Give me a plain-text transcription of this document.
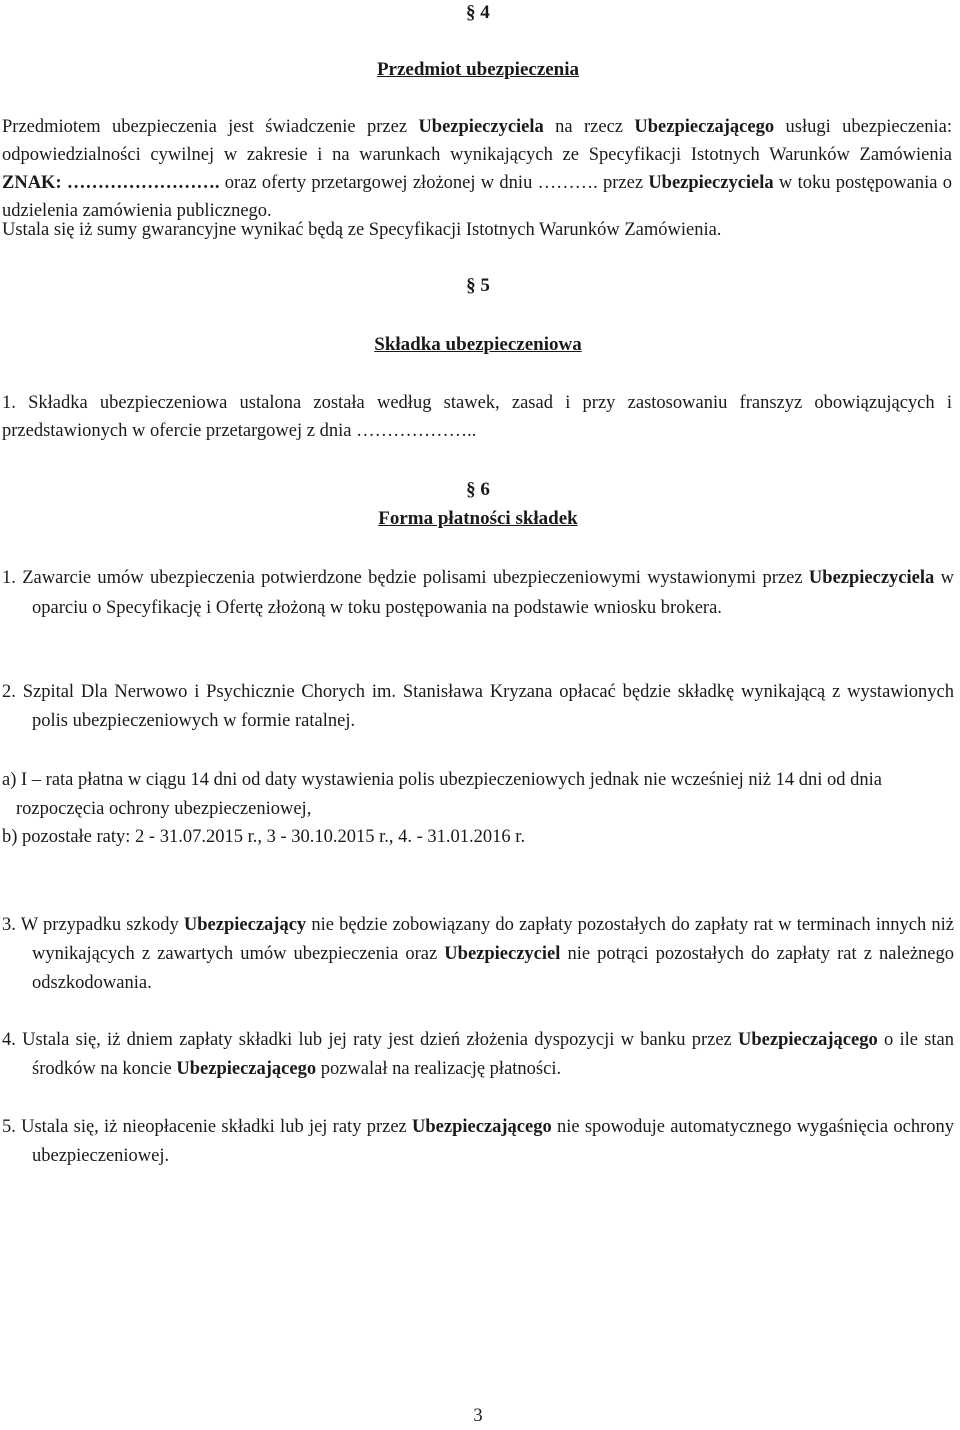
§ 4
Przedmiot ubezpieczenia

Przedmiotem ubezpieczenia jest świadczenie przez Ubezpieczyciela na rzecz Ubezpieczającego usługi ubezpieczenia: odpowiedzialności cywilnej w zakresie i na warunkach wynikających ze Specyfikacji Istotnych Warunków Zamówienia ZNAK: ……………………. oraz oferty przetargowej złożonej w dniu ………. przez Ubezpieczyciela w toku postępowania o udzielenia zamówienia publicznego.

Ustala się iż sumy gwarancyjne wynikać będą ze Specyfikacji Istotnych Warunków Zamówienia.

§ 5
Składka ubezpieczeniowa

1. Składka ubezpieczeniowa ustalona została według stawek, zasad i przy zastosowaniu franszyz obowiązujących i przedstawionych w ofercie przetargowej z dnia ………………..

§ 6
Forma płatności składek

1. Zawarcie umów ubezpieczenia potwierdzone będzie polisami ubezpieczeniowymi wystawionymi przez Ubezpieczyciela w oparciu o Specyfikację i Ofertę złożoną w toku postępowania na podstawie wniosku brokera.

2. Szpital Dla Nerwowo i Psychicznie Chorych im. Stanisława Kryzana opłacać będzie składkę wynikającą z wystawionych polis ubezpieczeniowych w formie ratalnej.

a) I – rata płatna w ciągu 14 dni od daty wystawienia polis ubezpieczeniowych jednak nie wcześniej niż 14 dni od dnia rozpoczęcia ochrony ubezpieczeniowej,

b) pozostałe raty: 2 - 31.07.2015 r., 3 - 30.10.2015 r., 4. - 31.01.2016 r.

3. W przypadku szkody Ubezpieczający nie będzie zobowiązany do zapłaty pozostałych do zapłaty rat w terminach innych niż wynikających z zawartych umów ubezpieczenia oraz Ubezpieczyciel nie potrąci pozostałych do zapłaty rat z należnego odszkodowania.

4. Ustala się, iż dniem zapłaty składki lub jej raty jest dzień złożenia dyspozycji w banku przez Ubezpieczającego o ile stan środków na koncie Ubezpieczającego pozwalał na realizację płatności.

5. Ustala się, iż nieopłacenie składki lub jej raty przez Ubezpieczającego nie spowoduje automatycznego wygaśnięcia ochrony ubezpieczeniowej.

3
